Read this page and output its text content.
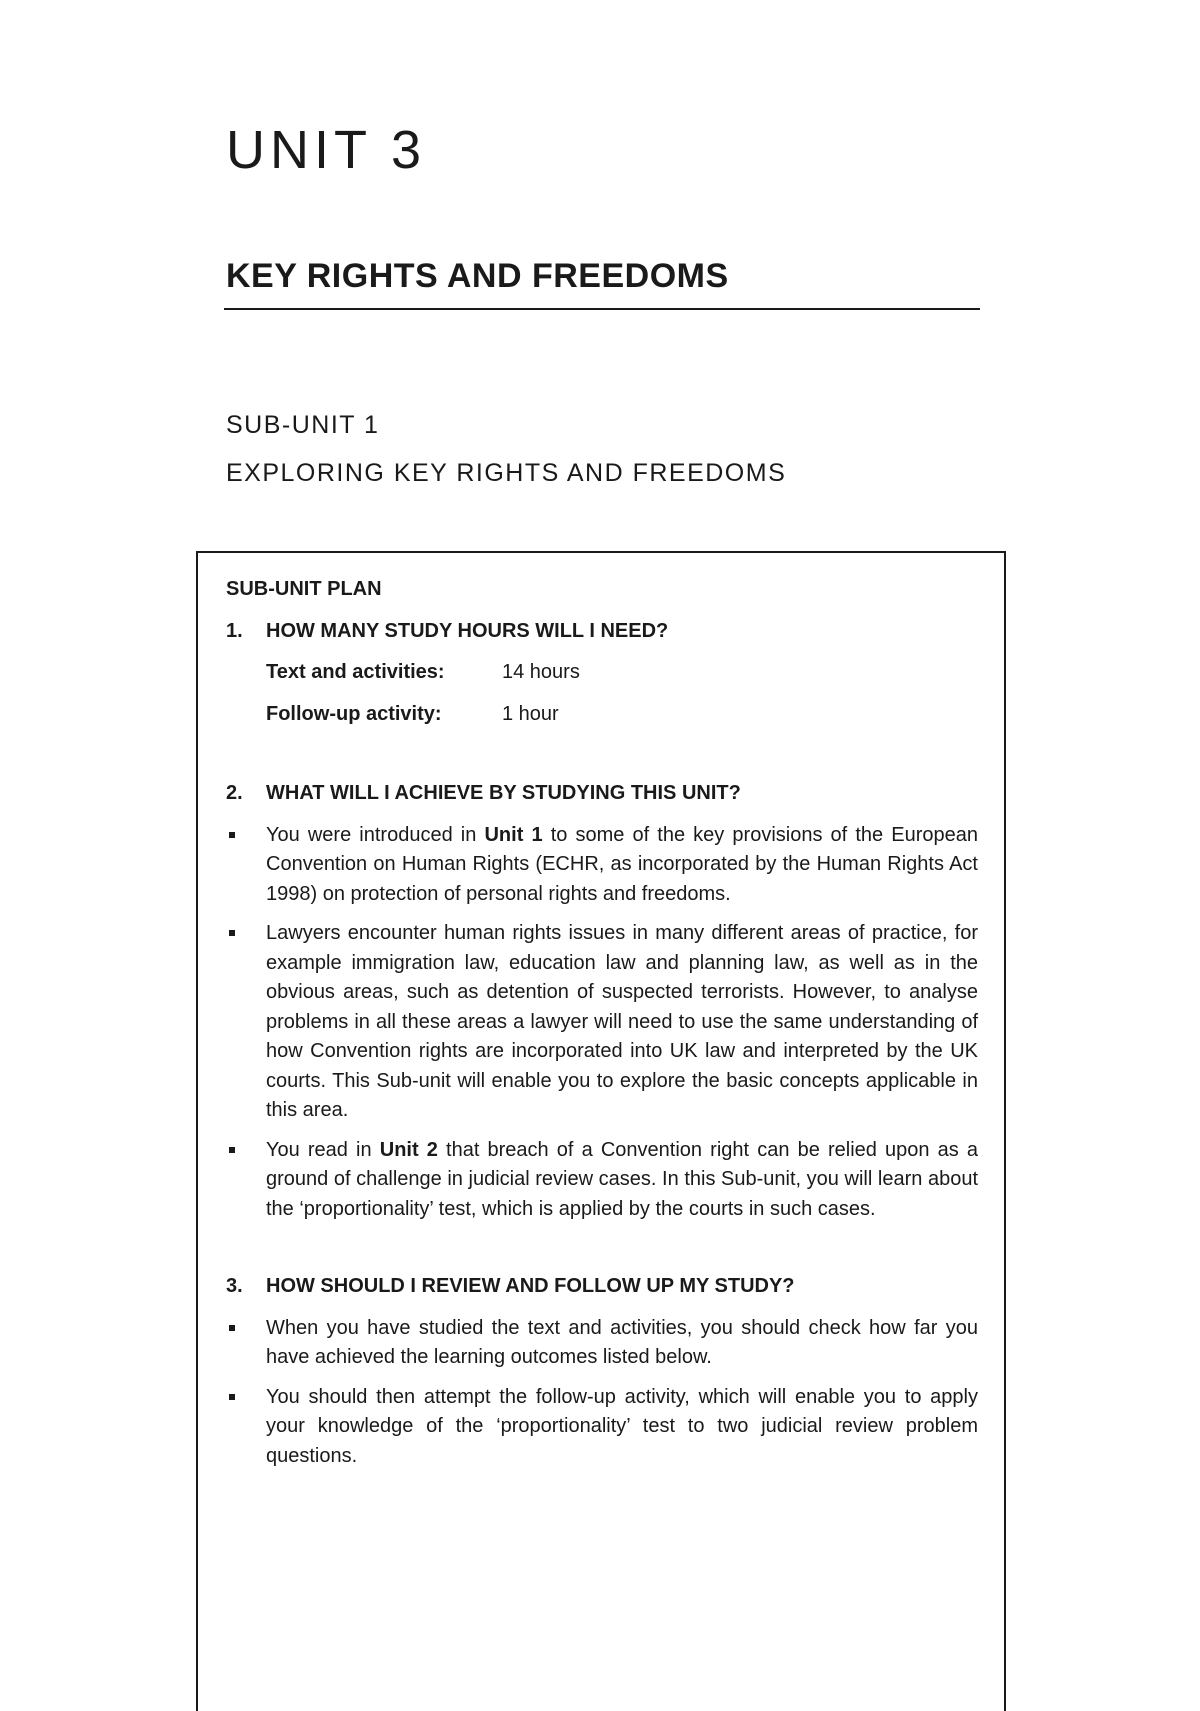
UNIT 3
KEY RIGHTS AND FREEDOMS
SUB-UNIT 1
EXPLORING KEY RIGHTS AND FREEDOMS
SUB-UNIT PLAN
1.	HOW MANY STUDY HOURS WILL I NEED?
Text and activities:	14 hours
Follow-up activity:	1 hour
2.	WHAT WILL I ACHIEVE BY STUDYING THIS UNIT?
You were introduced in Unit 1 to some of the key provisions of the European Convention on Human Rights (ECHR, as incorporated by the Human Rights Act 1998) on protection of personal rights and freedoms.
Lawyers encounter human rights issues in many different areas of practice, for example immigration law, education law and planning law, as well as in the obvious areas, such as detention of suspected terrorists. However, to analyse problems in all these areas a lawyer will need to use the same understanding of how Convention rights are incorporated into UK law and interpreted by the UK courts. This Sub-unit will enable you to explore the basic concepts applicable in this area.
You read in Unit 2 that breach of a Convention right can be relied upon as a ground of challenge in judicial review cases. In this Sub-unit, you will learn about the ‘proportionality’ test, which is applied by the courts in such cases.
3.	HOW SHOULD I REVIEW AND FOLLOW UP MY STUDY?
When you have studied the text and activities, you should check how far you have achieved the learning outcomes listed below.
You should then attempt the follow-up activity, which will enable you to apply your knowledge of the ‘proportionality’ test to two judicial review problem questions.
